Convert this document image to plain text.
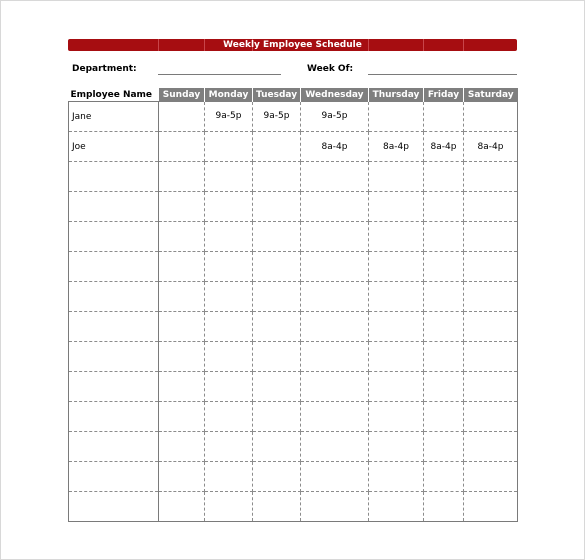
Weekly Employee Schedule
Department:	Week Of:
Employee Name	Sunday	Monday	Tuesday	Wednesday	Thursday	Friday	Saturday
Jane		9a-5p	9a-5p	9a-5p			
Joe				8a-4p	8a-4p	8a-4p	8a-4p
